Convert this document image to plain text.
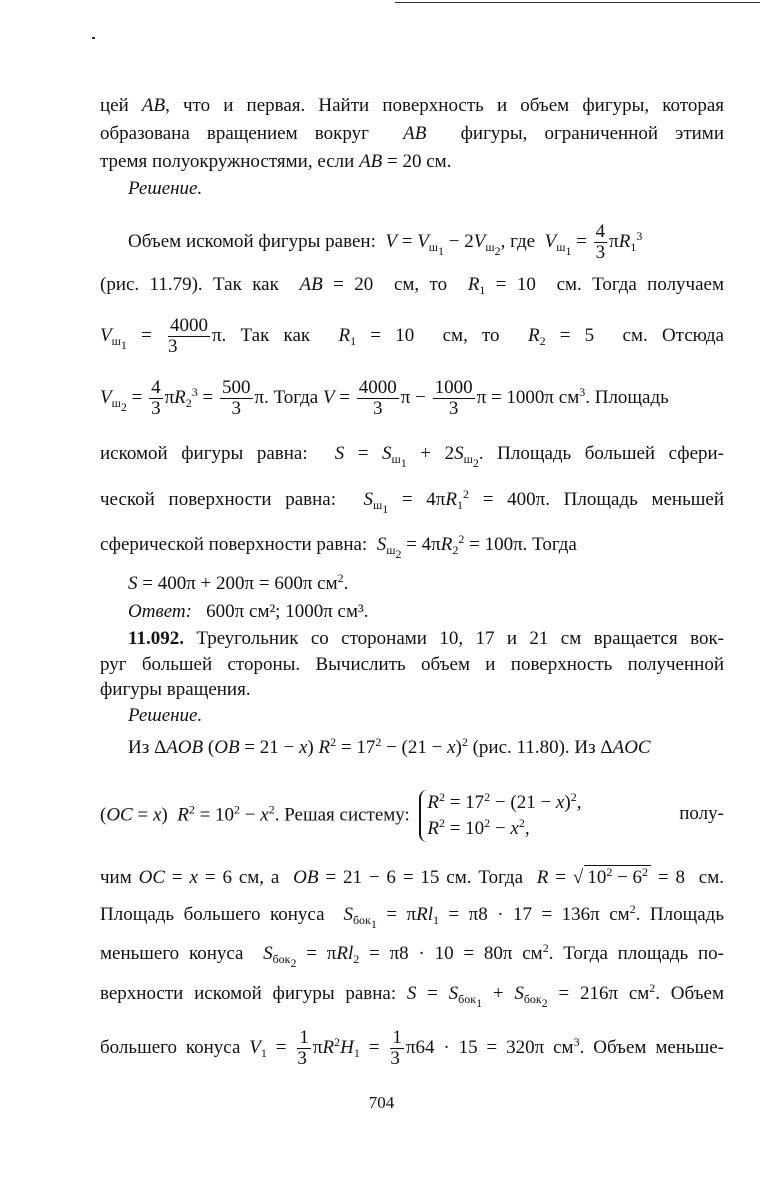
цей AB, что и первая. Найти поверхность и объем фигуры, которая
образована вращением вокруг  AB  фигуры, ограниченной этими
тремя полуокружностями, если AB = 20 см.
Решение.
Объем искомой фигуры равен:  $V = V_{ш_1} - 2V_{ш_2}$, где  $V_{ш_1} = \frac{4}{3} \pi R_1^3$
(рис. 11.79). Так как  AB = 20  см, то  $R_1 = 10$  см. Тогда получаем
$V_{ш_1} = \frac{4000}{3} \pi$. Так как  $R_1 = 10$  см, то  $R_2 = 5$  см. Отсюда
$V_{ш_2} = \frac{4}{3} \pi R_2^3 = \frac{500}{3} \pi$. Тогда $V = \frac{4000}{3}$ $\pi - \frac{1000}{3}$ π = 1000π $см^3$. Площадь
искомой фигуры равна:  $S = S_{ш_1} + 2S_{ш_2}$. Площадь большей сфери-
ческой поверхности равна:  $S_{ш_1} = 4\pi R_1^2 = 400\pi$. Площадь меньшей
сферической поверхности равна:  $S_{ш_2} = 4\pi R_2^2 = 100\pi$. Тогда
S = 400π + 200π = 600π $см^2$.
Ответ: 600π см²; 1000π см³.
11.092. Треугольник со сторонами 10, 17 и 21 см вращается вок-
руг большей стороны. Вычислить объем и поверхность полученной
фигуры вращения.
Решение.
Из ΔAOB (OB = 21 − x) $R^2 = 17^2 - (21 - x)^2$ (рис. 11.80). Из ΔAOC
(OC = x)  $R^2 = 10^2 - x^2$. Решая систему:  $R^2 = 17^2 - (21 - x)^2$,
$R^2 = 10^2 - x^2$,
полу-
чим OC = x = 6 см, а  OB = 21 − 6 = 15 см. Тогда  R = √ $10^2 - 6^2 = 8$  см.
Площадь большего конуса  $S_{бок_1} = \pi Rl_1 = \pi 8 \cdot 17 = 136\pi$ $см^2$. Площадь
меньшего конуса  $S_{бок_2} = \pi Rl_2 = \pi 8 \cdot 10 = 80\pi$ $см^2$. Тогда площадь по-
верхности искомой фигуры равна: $S = S_{бок_1} + S_{бок_2} = 216\pi$ $см^2$. Объем
большего конуса $V_1 = \frac{1}{3} \pi R^2H_1 = \frac{1}{3} \pi 64 \cdot 15 = 320\pi$ $см^3$. Объем меньше-
704
